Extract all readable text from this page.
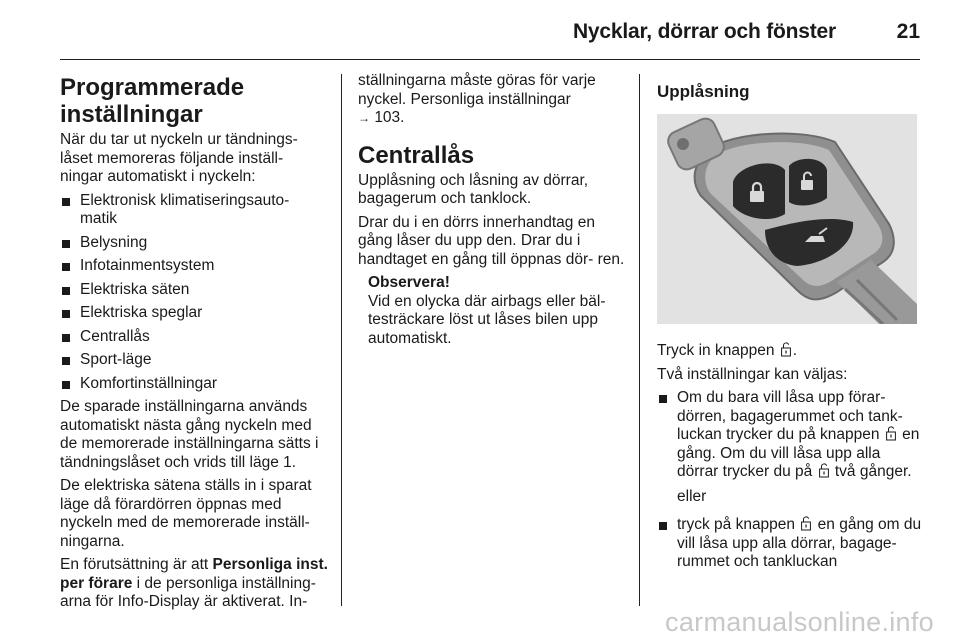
Nycklar, dörrar och fönster	21
Programmerade inställningar

När du tar ut nyckeln ur tändnings- låset memoreras följande inställ- ningar automatiskt i nyckeln:

Elektronisk klimatiseringsauto- matik
Belysning
Infotainmentsystem
Elektriska säten
Elektriska speglar
Centrallås
Sport-läge
Komfortinställningar

De sparade inställningarna används automatiskt nästa gång nyckeln med de memorerade inställningarna sätts i tändningslåset och vrids till läge 1.

De elektriska sätena ställs in i sparat läge då förardörren öppnas med nyckeln med de memorerade inställ- ningarna.

En förutsättning är att Personliga inst. per förare i de personliga inställning- arna för Info-Display är aktiverat. In-

ställningarna måste göras för varje nyckel. Personliga inställningar
→ 103.

Centrallås

Upplåsning och låsning av dörrar, bagagerum och tanklock.

Drar du i en dörrs innerhandtag en gång låser du upp den. Drar du i handtaget en gång till öppnas dör- ren.

Observera!
Vid en olycka där airbags eller bäl- testräckare löst ut låses bilen upp automatiskt.
Upplåsning

Tryck in knappen .

Två inställningar kan väljas:

Om du bara vill låsa upp förar- dörren, bagagerummet och tank- luckan trycker du på knappen  en gång. Om du vill låsa upp alla dörrar trycker du på  två gånger.

eller

tryck på knappen  en gång om du vill låsa upp alla dörrar, bagage- rummet och tankluckan
carmanualsonline.info
